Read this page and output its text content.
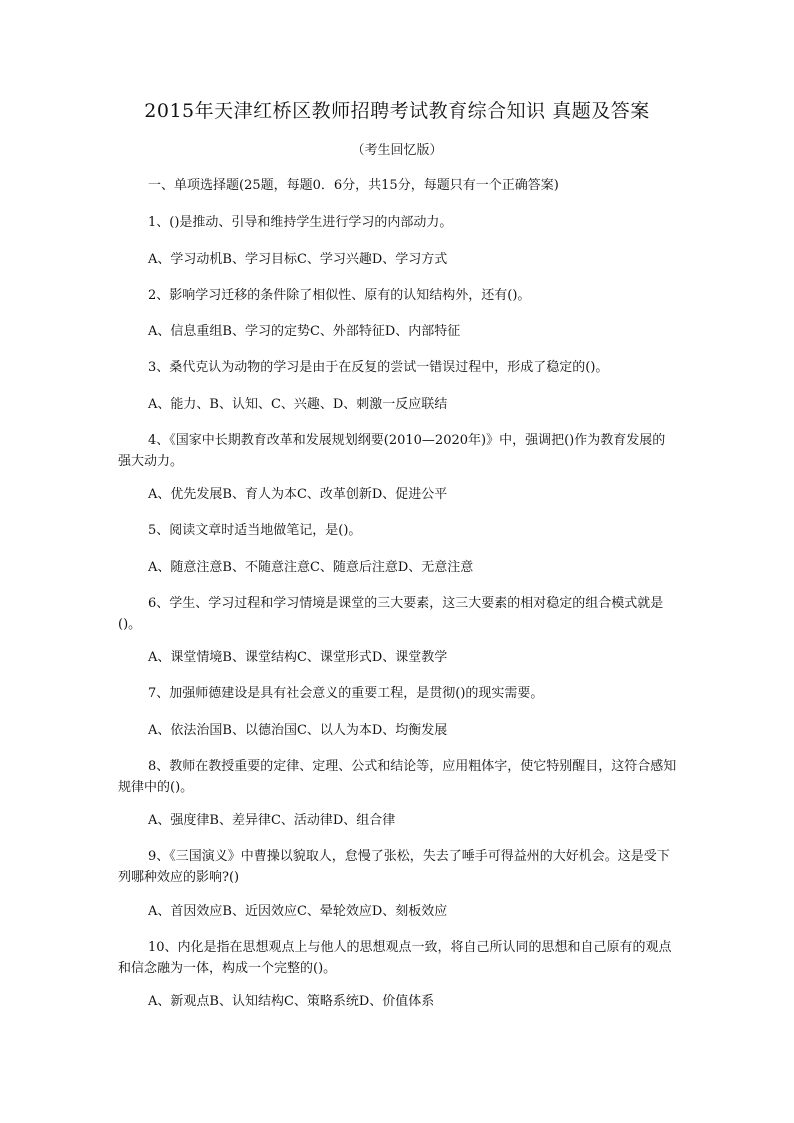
2015年天津红桥区教师招聘考试教育综合知识 真题及答案
（考生回忆版）
一、单项选择题(25题，每题0．6分，共15分，每题只有一个正确答案)
1、()是推动、引导和维持学生进行学习的内部动力。
A、学习动机B、学习目标C、学习兴趣D、学习方式
2、影响学习迁移的条件除了相似性、原有的认知结构外，还有()。
A、信息重组B、学习的定势C、外部特征D、内部特征
3、桑代克认为动物的学习是由于在反复的尝试一错误过程中，形成了稳定的()。
A、能力、B、认知、C、兴趣、D、刺激一反应联结
4、《国家中长期教育改革和发展规划纲要(2010—2020年)》中，强调把()作为教育发展的强大动力。
A、优先发展B、育人为本C、改革创新D、促进公平
5、阅读文章时适当地做笔记，是()。
A、随意注意B、不随意注意C、随意后注意D、无意注意
6、学生、学习过程和学习情境是课堂的三大要素，这三大要素的相对稳定的组合模式就是()。
A、课堂情境B、课堂结构C、课堂形式D、课堂教学
7、加强师德建设是具有社会意义的重要工程，是贯彻()的现实需要。
A、依法治国B、以德治国C、以人为本D、均衡发展
8、教师在教授重要的定律、定理、公式和结论等，应用粗体字，使它特别醒目，这符合感知规律中的()。
A、强度律B、差异律C、活动律D、组合律
9、《三国演义》中曹操以貌取人，怠慢了张松，失去了唾手可得益州的大好机会。这是受下列哪种效应的影响?()
A、首因效应B、近因效应C、晕轮效应D、刻板效应
10、内化是指在思想观点上与他人的思想观点一致，将自己所认同的思想和自己原有的观点和信念融为一体，构成一个完整的()。
A、新观点B、认知结构C、策略系统D、价值体系
